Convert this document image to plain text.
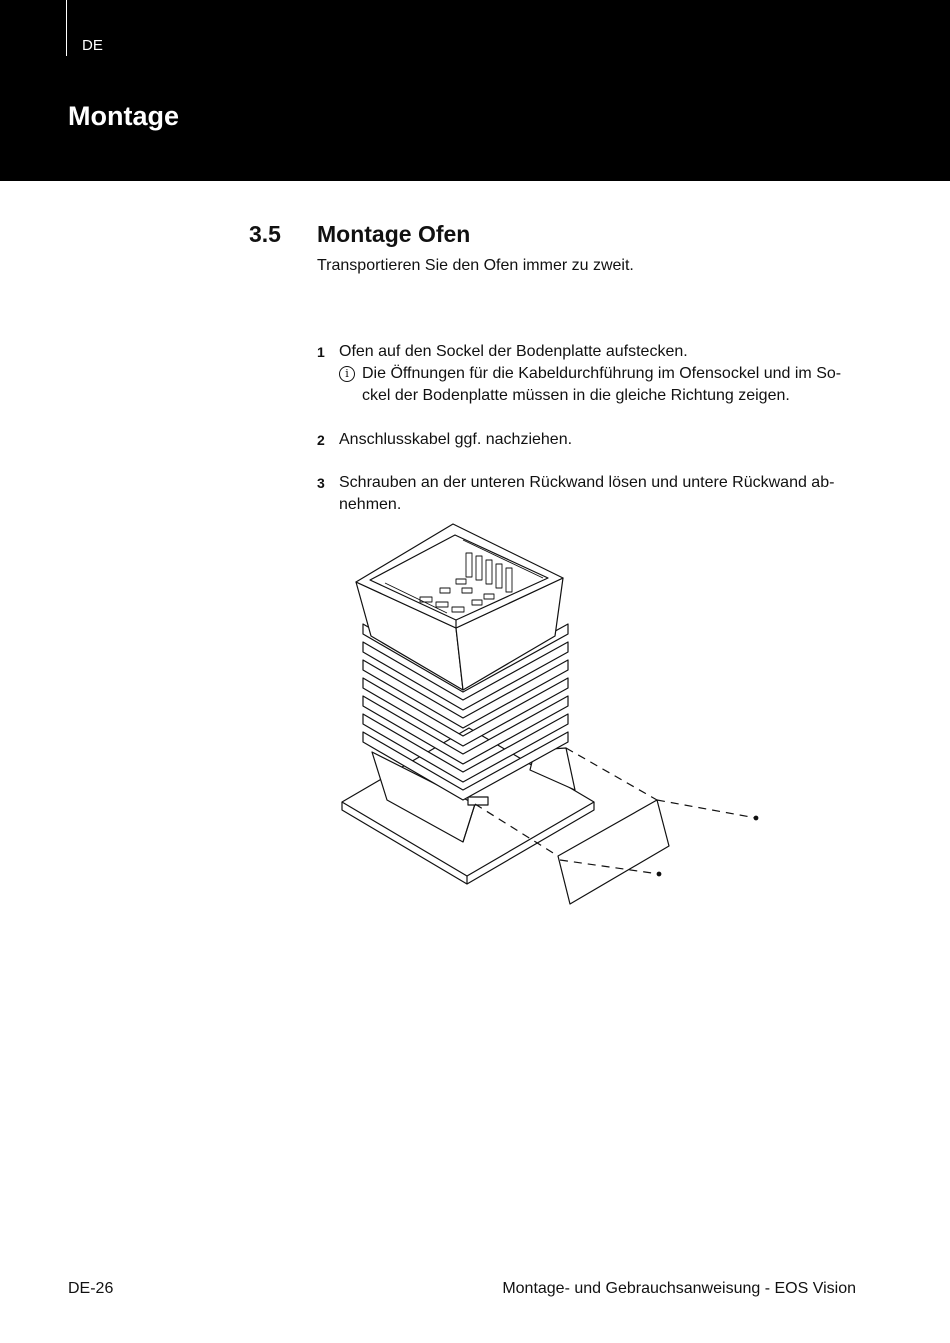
DE
Montage
3.5 Montage Ofen
Transportieren Sie den Ofen immer zu zweit.
1 Ofen auf den Sockel der Bodenplatte aufstecken.
i Die Öffnungen für die Kabeldurchführung im Ofensockel und im So-
ckel der Bodenplatte müssen in die gleiche Richtung zeigen.
2 Anschlusskabel ggf. nachziehen.
3 Schrauben an der unteren Rückwand lösen und untere Rückwand ab-
nehmen.
DE-26	Montage- und Gebrauchsanweisung - EOS Vision
